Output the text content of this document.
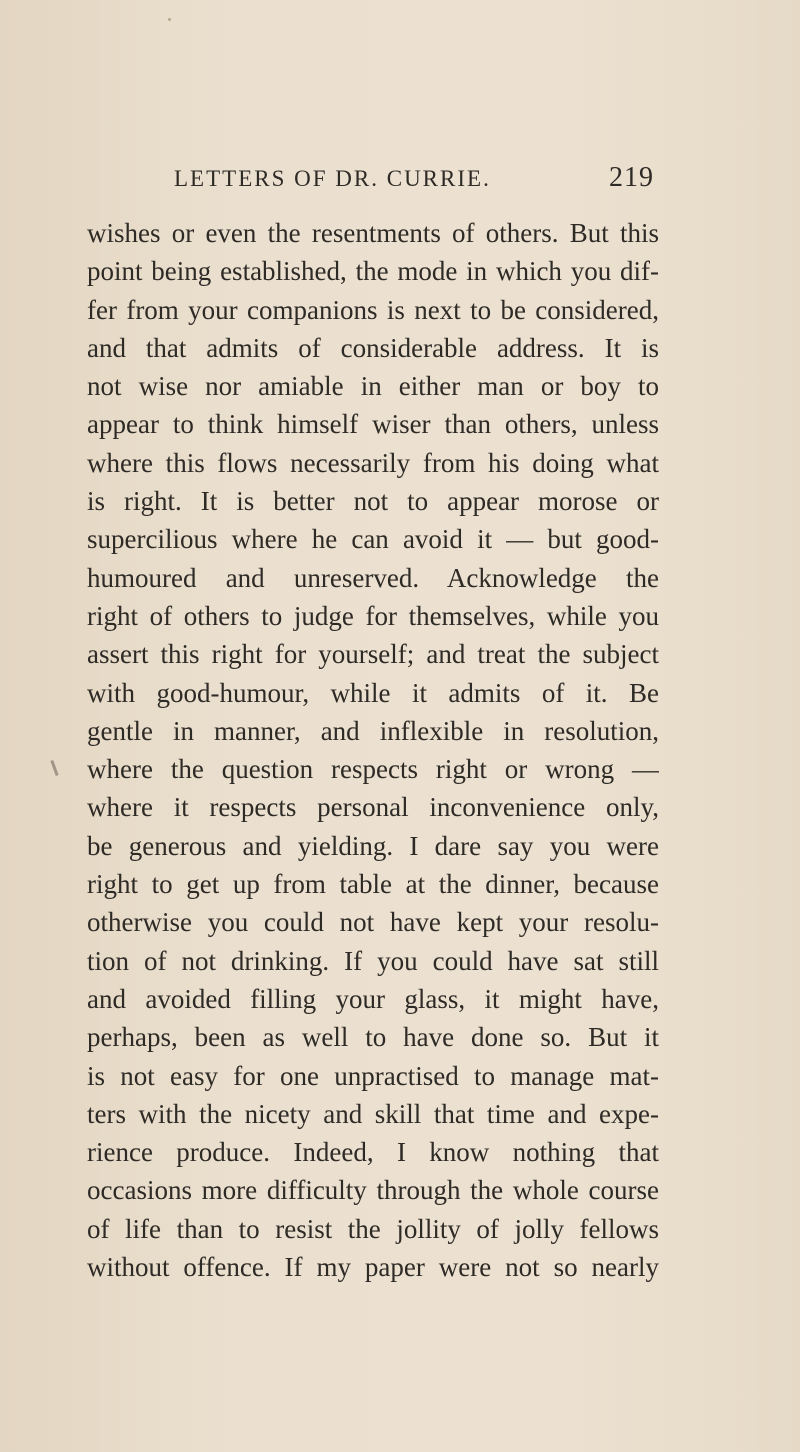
LETTERS OF DR. CURRIE.	219
wishes or even the resentments of others. But this
point being established, the mode in which you dif-
fer from your companions is next to be considered,
and that admits of considerable address. It is
not wise nor amiable in either man or boy to
appear to think himself wiser than others, unless
where this flows necessarily from his doing what
is right. It is better not to appear morose or
supercilious where he can avoid it — but good-
humoured and unreserved. Acknowledge the
right of others to judge for themselves, while you
assert this right for yourself; and treat the subject
with good-humour, while it admits of it. Be
gentle in manner, and inflexible in resolution,
where the question respects right or wrong —
where it respects personal inconvenience only,
be generous and yielding. I dare say you were
right to get up from table at the dinner, because
otherwise you could not have kept your resolu-
tion of not drinking. If you could have sat still
and avoided filling your glass, it might have,
perhaps, been as well to have done so. But it
is not easy for one unpractised to manage mat-
ters with the nicety and skill that time and expe-
rience produce. Indeed, I know nothing that
occasions more difficulty through the whole course
of life than to resist the jollity of jolly fellows
without offence. If my paper were not so nearly
